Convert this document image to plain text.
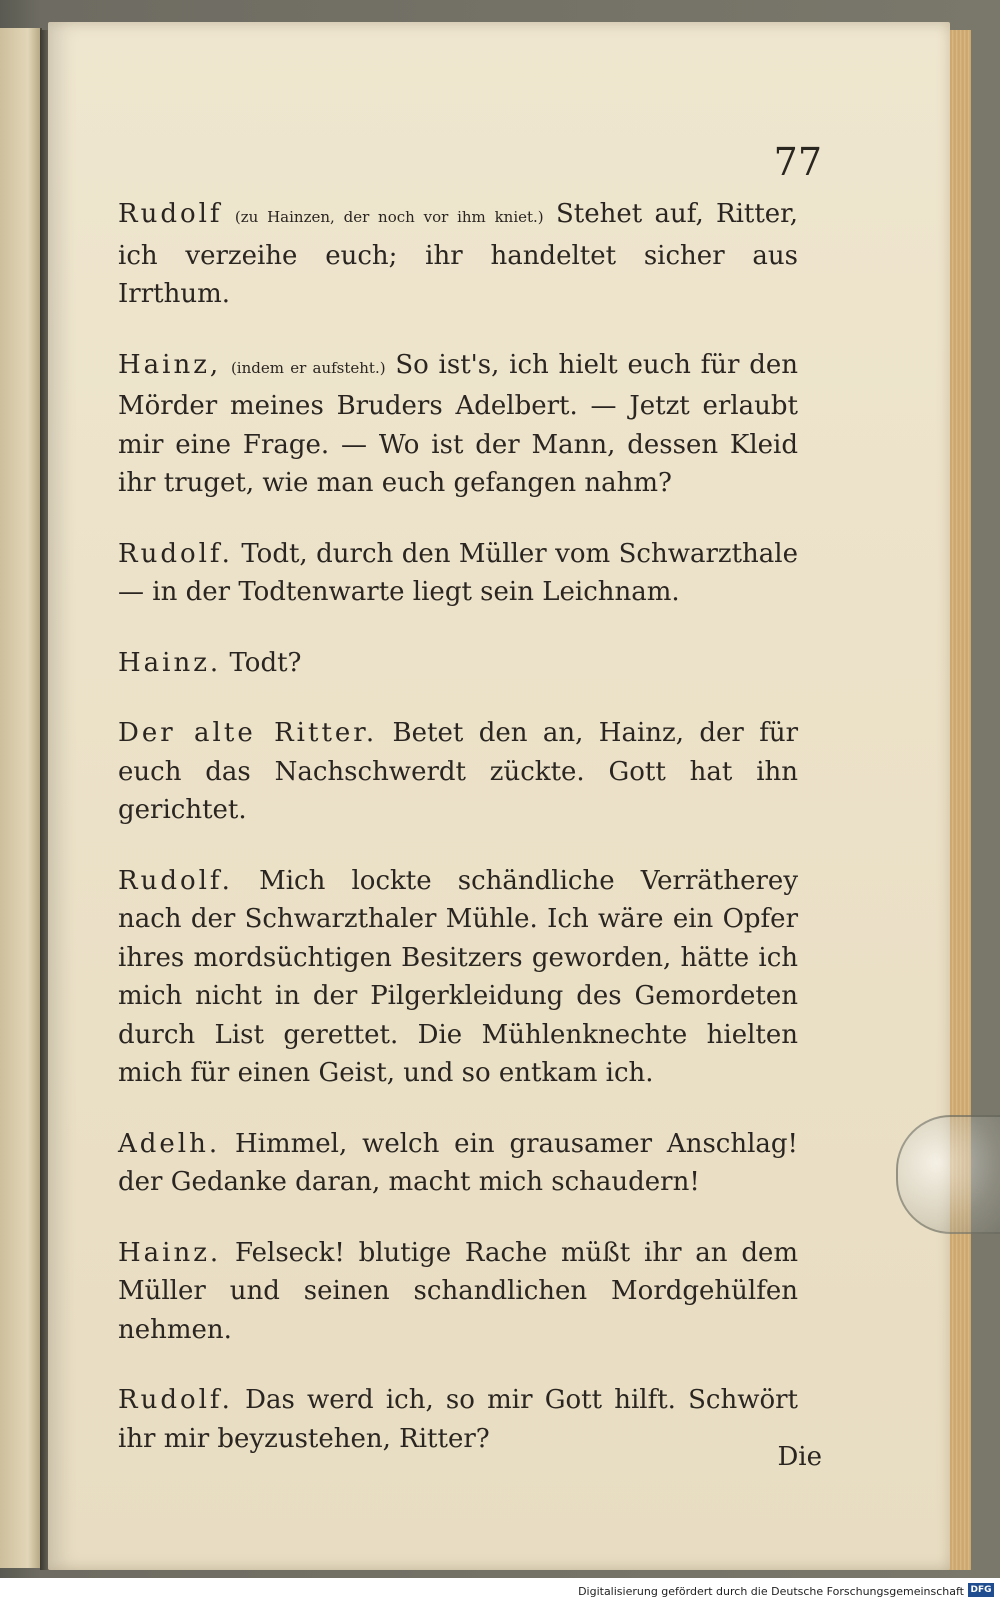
77

Rudolf (zu Hainzen, der noch vor ihm kniet.) Stehet auf, Ritter, ich verzeihe euch; ihr handeltet sicher aus Irrthum.

Hainz, (indem er aufsteht.) So ist's, ich hielt euch für den Mörder meines Bruders Adelbert. — Jetzt erlaubt mir eine Frage. — Wo ist der Mann, dessen Kleid ihr truget, wie man euch gefangen nahm?

Rudolf. Todt, durch den Müller vom Schwarzthale — in der Todtenwarte liegt sein Leichnam.

Hainz. Todt?

Der alte Ritter. Betet den an, Hainz, der für euch das Nachschwerdt zückte. Gott hat ihn gerichtet.

Rudolf. Mich lockte schändliche Verrätherey nach der Schwarzthaler Mühle. Ich wäre ein Opfer ihres mordsüchtigen Besitzers geworden, hätte ich mich nicht in der Pilgerkleidung des Gemordeten durch List gerettet. Die Mühlenknechte hielten mich für einen Geist, und so entkam ich.

Adelh. Himmel, welch ein grausamer Anschlag! der Gedanke daran, macht mich schaudern!

Hainz. Felseck! blutige Rache müßt ihr an dem Müller und seinen schandlichen Mordgehülfen nehmen.

Rudolf. Das werd ich, so mir Gott hilft. Schwört ihr mir beyzustehen, Ritter?

Die
Digitalisierung gefördert durch die Deutsche Forschungsgemeinschaft DFG
